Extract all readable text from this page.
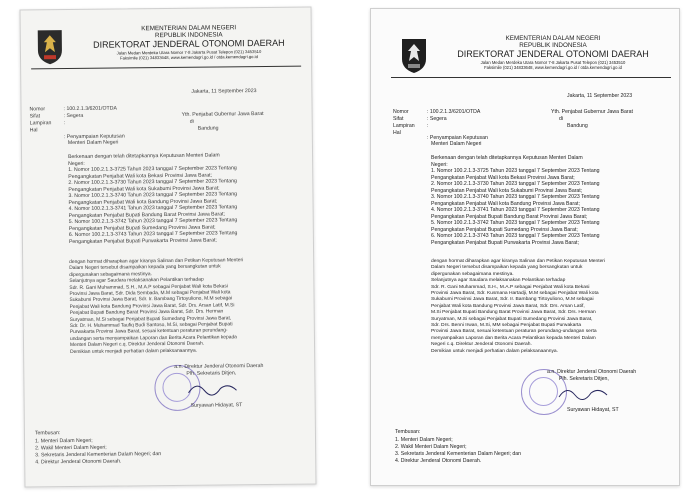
KEMENTERIAN DALAM NEGERI
REPUBLIK INDONESIA
DIREKTORAT JENDERAL OTONOMI DAERAH
Jalan Medan Merdeka Utara Nomor 7-8 Jakarta Pusat Telepon (021) 3453510
Faksimile (021) 34833648, www.kemendagri.go.id / otda.kemendagri.go.id
Jakarta, 11 September 2023
Nomor
Sifat
Lampiran
Hal
: 100.2.1.3/6201/OTDA
: Segera
:
: Penyampaian Keputusan
Menteri Dalam Negeri
Yth. Penjabat Gubernur Jawa Barat
di
Bandung
Berkenaan dengan telah ditetapkannya Keputusan Menteri Dalam
Negeri:
1. Nomor 100.2.1.3-3725 Tahun 2023 tanggal 7 September 2023 Tentang
Pengangkatan Penjabat Wali kota Bekasi Provinsi Jawa Barat;
2. Nomor 100.2.1.3-3730 Tahun 2023 tanggal 7 September 2023 Tentang
Pengangkatan Penjabat Wali kota Sukabumi Provinsi Jawa Barat;
3. Nomor 100.2.1.3-3740 Tahun 2023 tanggal 7 September 2023 Tentang
Pengangkatan Penjabat Wali kota Bandung Provinsi Jawa Barat;
4. Nomor 100.2.1.3-3741 Tahun 2023 tanggal 7 September 2023 Tentang
Pengangkatan Penjabat Bupati Bandung Barat Provinsi Jawa Barat;
5. Nomor 100.2.1.3-3742 Tahun 2023 tanggal 7 September 2023 Tentang
Pengangkatan Penjabat Bupati Sumedang Provinsi Jawa Barat;
6. Nomor 100.2.1.3-3743 Tahun 2023 tanggal 7 September 2023 Tentang
Pengangkatan Penjabat Bupati Purwakarta Provinsi Jawa Barat;
dengan hormat diharapkan agar kiranya Salinan dan Petikan Keputusan Menteri
Dalam Negeri tersebut disampaikan kepada yang bersangkutan untuk
dipergunakan sebagaimana mestinya.
Selanjutnya agar Saudara melaksanakan Pelantikan terhadap
Sdr. R. Gani Muhammad, S.H., M.A.P sebagai Penjabat Wali kota Bekasi
Provinsi Jawa Barat, Sdr. Dida Sembada, M.M sebagai Penjabat Wali kota
Sukabumi Provinsi Jawa Barat, Sdr. Ir. Bambang Tirtoyuliono, M.M sebagai
Penjabat Wali kota Bandung Provinsi Jawa Barat, Sdr. Drs. Arsan Latif, M.Si
Penjabat Bupati Bandung Barat Provinsi Jawa Barat, Sdr. Drs. Herman
Suryatman, M.Si sebagai Penjabat Bupati Sumedang Provinsi Jawa Barat,
Sdr. Dr. H. Muhammad Taufiq Budi Santoso, M.Si, sebagai Penjabat Bupati
Purwakarta Provinsi Jawa Barat, sesuai ketentuan peraturan perundang-
undangan serta menyampaikan Laporan dan Berita Acara Pelantikan kepada
Menteri Dalam Negeri c.q. Direktur Jenderal Otonomi Daerah.
Demikian untuk menjadi perhatian dalam pelaksanaannya.
a.n. Direktur Jenderal Otonomi Daerah
Plh. Sekretaris Ditjen,
Suryawan Hidayat, ST
Tembusan:
1. Menteri Dalam Negeri;
2. Wakil Menteri Dalam Negeri;
3. Sekretaris Jenderal Kementerian Dalam Negeri; dan
4. Direktur Jenderal Otonomi Daerah.
KEMENTERIAN DALAM NEGERI
REPUBLIK INDONESIA
DIREKTORAT JENDERAL OTONOMI DAERAH
Jalan Medan Merdeka Utara Nomor 7-8 Jakarta Pusat Telepon (021) 3453510
Faksimile (021) 34833648, www.kemendagri.go.id / otda.kemendagri.go.id
Jakarta, 11 September 2023
Nomor
Sifat
Lampiran
Hal
: 100.2.1.3/6201/OTDA
: Segera
:
: Penyampaian Keputusan
Menteri Dalam Negeri
Yth. Penjabat Gubernur Jawa Barat
di
Bandung
Berkenaan dengan telah ditetapkannya Keputusan Menteri Dalam
Negeri:
1. Nomor 100.2.1.3-3725 Tahun 2023 tanggal 7 September 2023 Tentang
Pengangkatan Penjabat Wali kota Bekasi Provinsi Jawa Barat;
2. Nomor 100.2.1.3-3730 Tahun 2023 tanggal 7 September 2023 Tentang
Pengangkatan Penjabat Wali kota Sukabumi Provinsi Jawa Barat;
3. Nomor 100.2.1.3-3740 Tahun 2023 tanggal 7 September 2023 Tentang
Pengangkatan Penjabat Wali kota Bandung Provinsi Jawa Barat;
4. Nomor 100.2.1.3-3741 Tahun 2023 tanggal 7 September 2023 Tentang
Pengangkatan Penjabat Bupati Bandung Barat Provinsi Jawa Barat;
5. Nomor 100.2.1.3-3742 Tahun 2023 tanggal 7 September 2023 Tentang
Pengangkatan Penjabat Bupati Sumedang Provinsi Jawa Barat;
6. Nomor 100.2.1.3-3743 Tahun 2023 tanggal 7 September 2023 Tentang
Pengangkatan Penjabat Bupati Purwakarta Provinsi Jawa Barat;
dengan hormat diharapkan agar kiranya Salinan dan Petikan Keputusan Menteri
Dalam Negeri tersebut disampaikan kepada yang bersangkutan untuk
dipergunakan sebagaimana mestinya.
Selanjutnya agar Saudara melaksanakan Pelantikan terhadap
Sdr. R. Gani Muhammad, S.H., M.A.P sebagai Penjabat Wali kota Bekasi
Provinsi Jawa Barat, Sdr. Kusmana Hartadji, M.M sebagai Penjabat Wali kota
Sukabumi Provinsi Jawa Barat, Sdr. Ir. Bambang Tirtoyuliono, M.M sebagai
Penjabat Wali kota Bandung Provinsi Jawa Barat, Sdr. Drs. Arsan Latif,
M.Si Penjabat Bupati Bandung Barat Provinsi Jawa Barat, Sdr. Drs. Herman
Suryatman, M.Si sebagai Penjabat Bupati Sumedang Provinsi Jawa Barat,
Sdr. Drs. Benni Irwan, M.Si, MM sebagai Penjabat Bupati Purwakarta
Provinsi Jawa Barat, sesuai ketentuan peraturan perundang-undangan serta
menyampaikan Laporan dan Berita Acara Pelantikan kepada Menteri Dalam
Negeri c.q. Direktur Jenderal Otonomi Daerah.
Demikian untuk menjadi perhatian dalam pelaksanaannya.
a.n. Direktur Jenderal Otonomi Daerah
Plh. Sekretaris Ditjen,
Suryawan Hidayat, ST
Tembusan:
1. Menteri Dalam Negeri;
2. Wakil Menteri Dalam Negeri;
3. Sekretaris Jenderal Kementerian Dalam Negeri; dan
4. Direktur Jenderal Otonomi Daerah.
